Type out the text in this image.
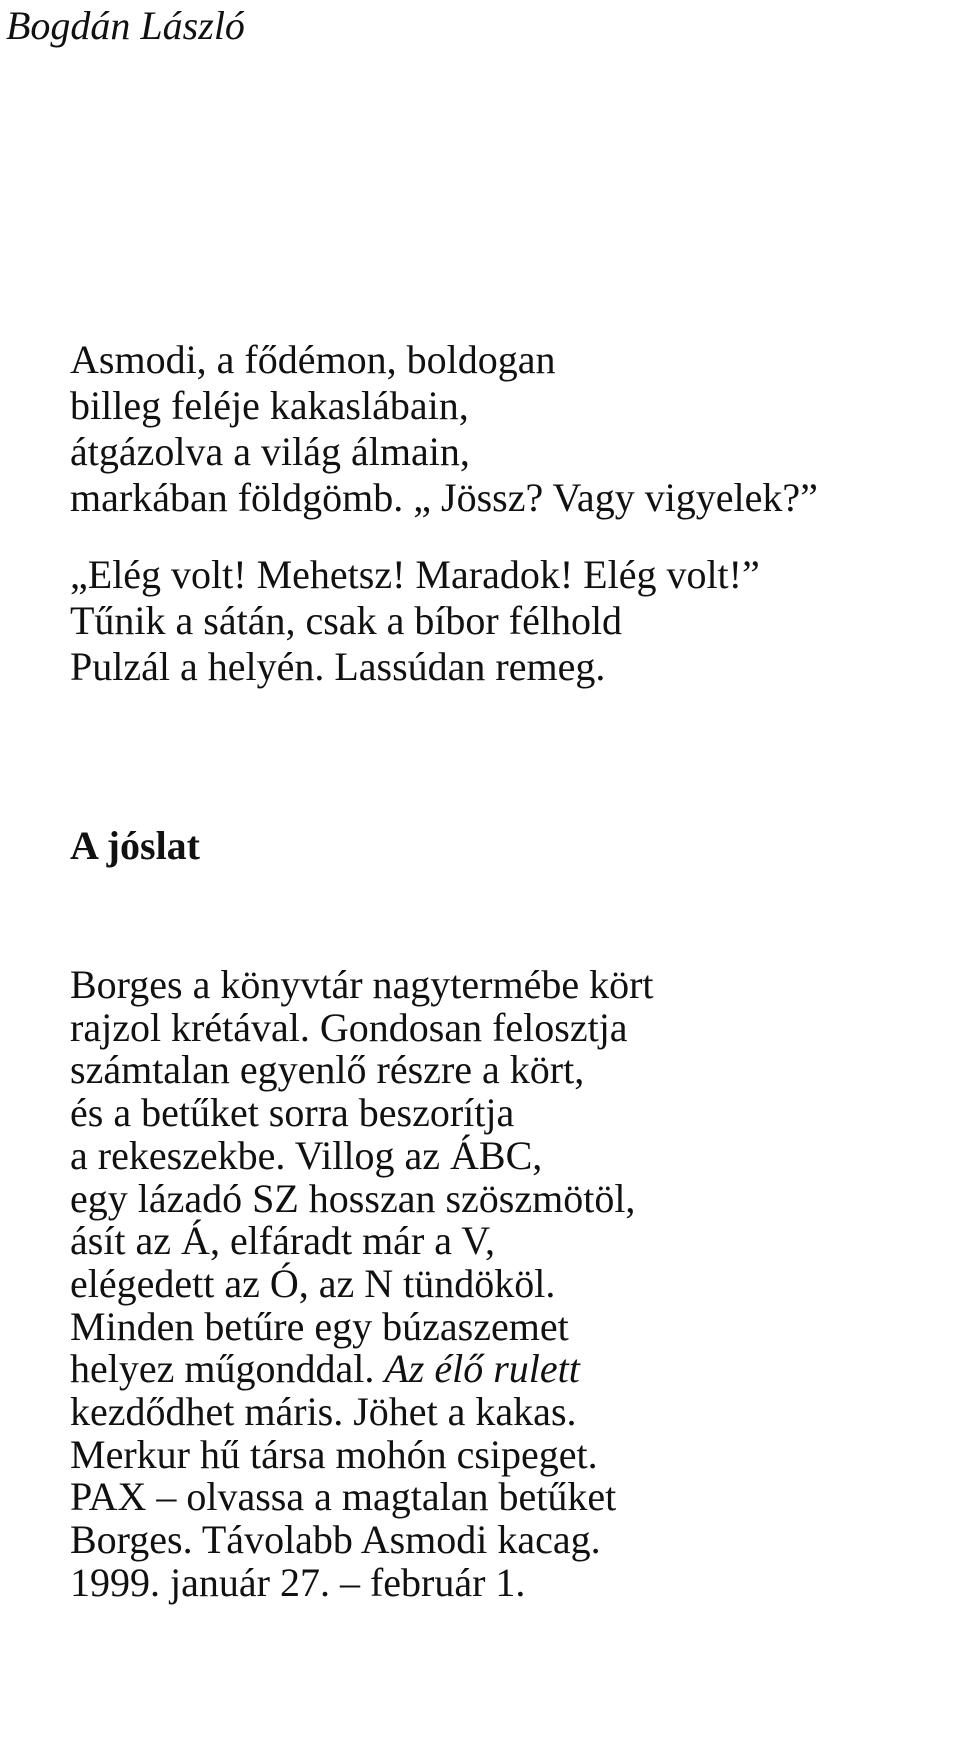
Bogdán László
Asmodi, a fődémon, boldogan
billeg feléje kakaslábain,
átgázolva a világ álmain,
markában földgömb. „ Jössz? Vagy vigyelek?”
„Elég volt! Mehetsz! Maradok! Elég volt!”
Tűnik a sátán, csak a bíbor félhold
Pulzál a helyén. Lassúdan remeg.
A jóslat
Borges a könyvtár nagytermébe kört
rajzol krétával. Gondosan felosztja
számtalan egyenlő részre a kört,
és a betűket sorra beszorítja
a rekeszekbe. Villog az ÁBC,
egy lázadó SZ hosszan szöszmötöl,
ásít az Á, elfáradt már a V,
elégedett az Ó, az N tündököl.
Minden betűre egy búzaszemet
helyez műgonddal. Az élő rulett
kezdődhet máris. Jöhet a kakas.
Merkur hű társa mohón csipeget.
PAX – olvassa a magtalan betűket
Borges. Távolabb Asmodi kacag.
1999. január 27. – február 1.
